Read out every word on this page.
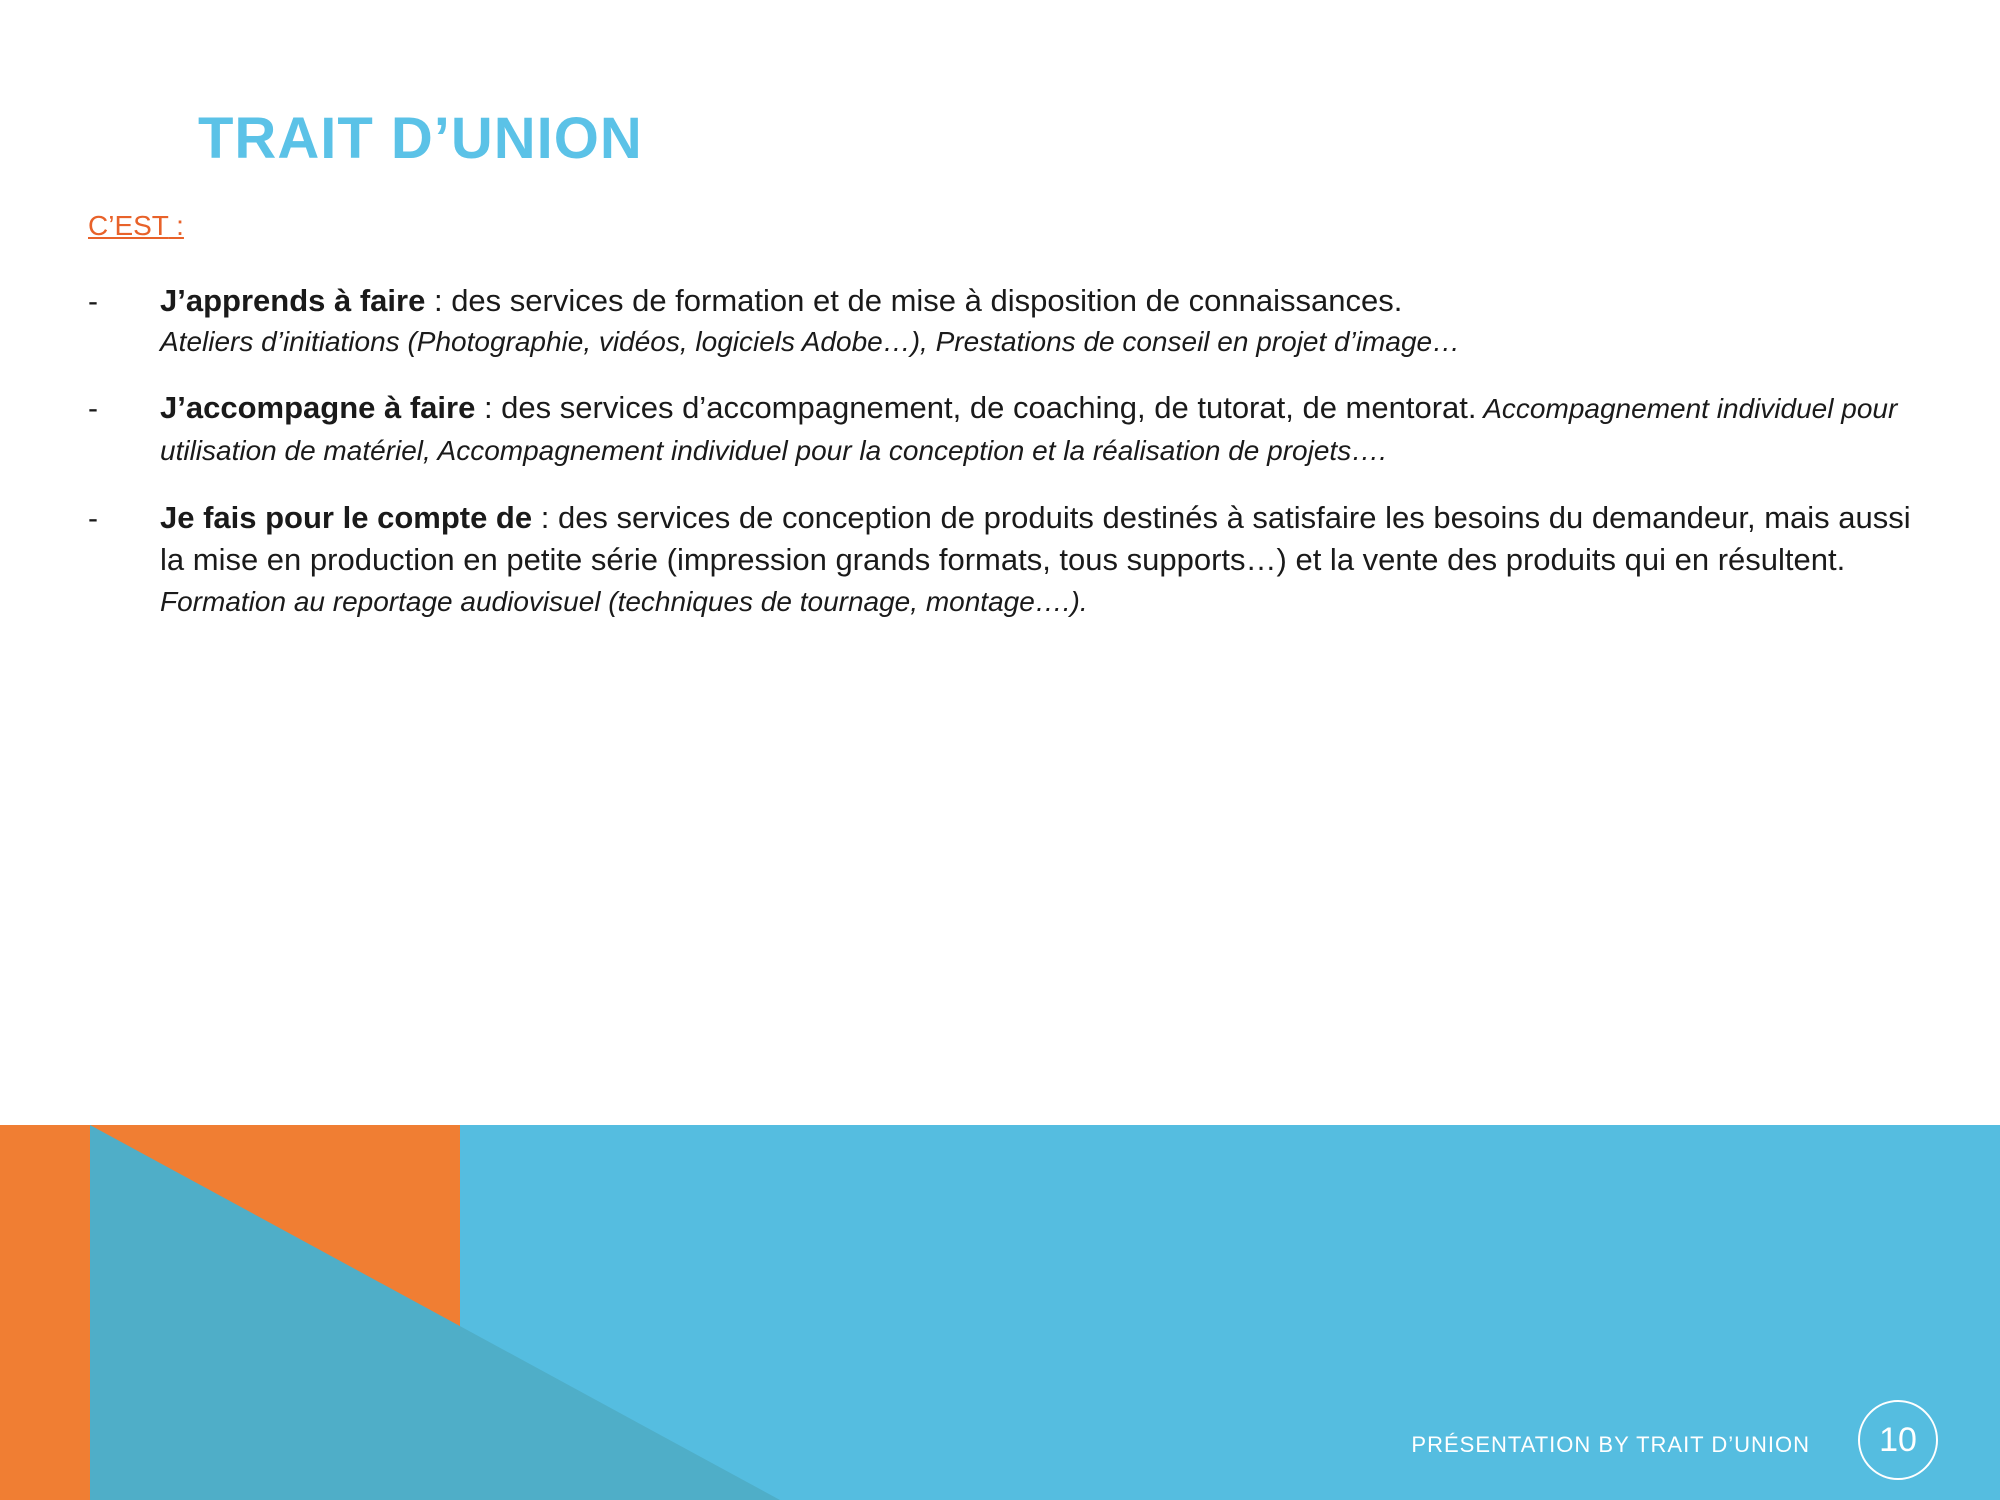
TRAIT D’UNION
C’EST :
-	J’apprends à faire : des services de formation et de mise à disposition de connaissances.
Ateliers d’initiations (Photographie, vidéos, logiciels Adobe…), Prestations de conseil en projet d’image…
-	J’accompagne à faire : des services d’accompagnement, de coaching, de tutorat, de mentorat. Accompagnement individuel pour utilisation de matériel, Accompagnement individuel pour la conception et la réalisation de projets….
-	Je fais pour le compte de : des services de conception de produits destinés à satisfaire les besoins du demandeur, mais aussi la mise en production en petite série (impression grands formats, tous supports…) et la vente des produits qui en résultent. Formation au reportage audiovisuel (techniques de tournage, montage….).
PRÉSENTATION BY TRAIT D’UNION 10
